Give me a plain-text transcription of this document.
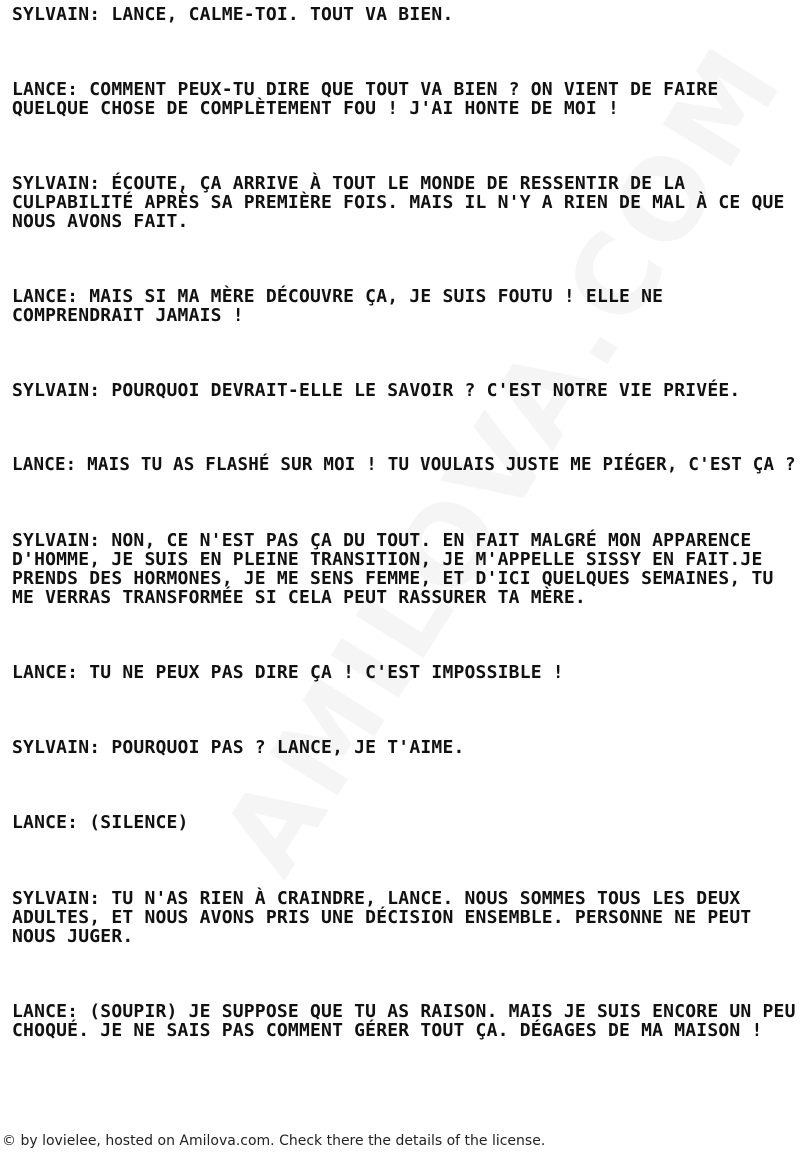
SYLVAIN: LANCE, CALME-TOI. TOUT VA BIEN.

LANCE: COMMENT PEUX-TU DIRE QUE TOUT VA BIEN ? ON VIENT DE FAIRE

QUELQUE CHOSE DE COMPLÈTEMENT FOU ! J'AI HONTE DE MOI !

SYLVAIN: ÉCOUTE, ÇA ARRIVE À TOUT LE MONDE DE RESSENTIR DE LA

CULPABILITÉ APRÈS SA PREMIÈRE FOIS. MAIS IL N'Y A RIEN DE MAL À CE QUE

NOUS AVONS FAIT.

LANCE: MAIS SI MA MÈRE DÉCOUVRE ÇA, JE SUIS FOUTU ! ELLE NE

COMPRENDRAIT JAMAIS !

SYLVAIN: POURQUOI DEVRAIT-ELLE LE SAVOIR ? C'EST NOTRE VIE PRIVÉE.

LANCE: MAIS TU AS FLASHÉ SUR MOI ! TU VOULAIS JUSTE ME PIÉGER, C'EST ÇA ?

SYLVAIN: NON, CE N'EST PAS ÇA DU TOUT. EN FAIT MALGRÉ MON APPARENCE

D'HOMME, JE SUIS EN PLEINE TRANSITION, JE M'APPELLE SISSY EN FAIT.JE

PRENDS DES HORMONES, JE ME SENS FEMME, ET D'ICI QUELQUES SEMAINES, TU

ME VERRAS TRANSFORMÉE SI CELA PEUT RASSURER TA MÈRE.

LANCE: TU NE PEUX PAS DIRE ÇA ! C'EST IMPOSSIBLE !

SYLVAIN: POURQUOI PAS ? LANCE, JE T'AIME.

LANCE: (SILENCE)

SYLVAIN: TU N'AS RIEN À CRAINDRE, LANCE. NOUS SOMMES TOUS LES DEUX

ADULTES, ET NOUS AVONS PRIS UNE DÉCISION ENSEMBLE. PERSONNE NE PEUT

NOUS JUGER.

LANCE: (SOUPIR) JE SUPPOSE QUE TU AS RAISON. MAIS JE SUIS ENCORE UN PEU

CHOQUÉ. JE NE SAIS PAS COMMENT GÉRER TOUT ÇA. DÉGAGES DE MA MAISON !

© by lovielee, hosted on Amilova.com. Check there the details of the license.
